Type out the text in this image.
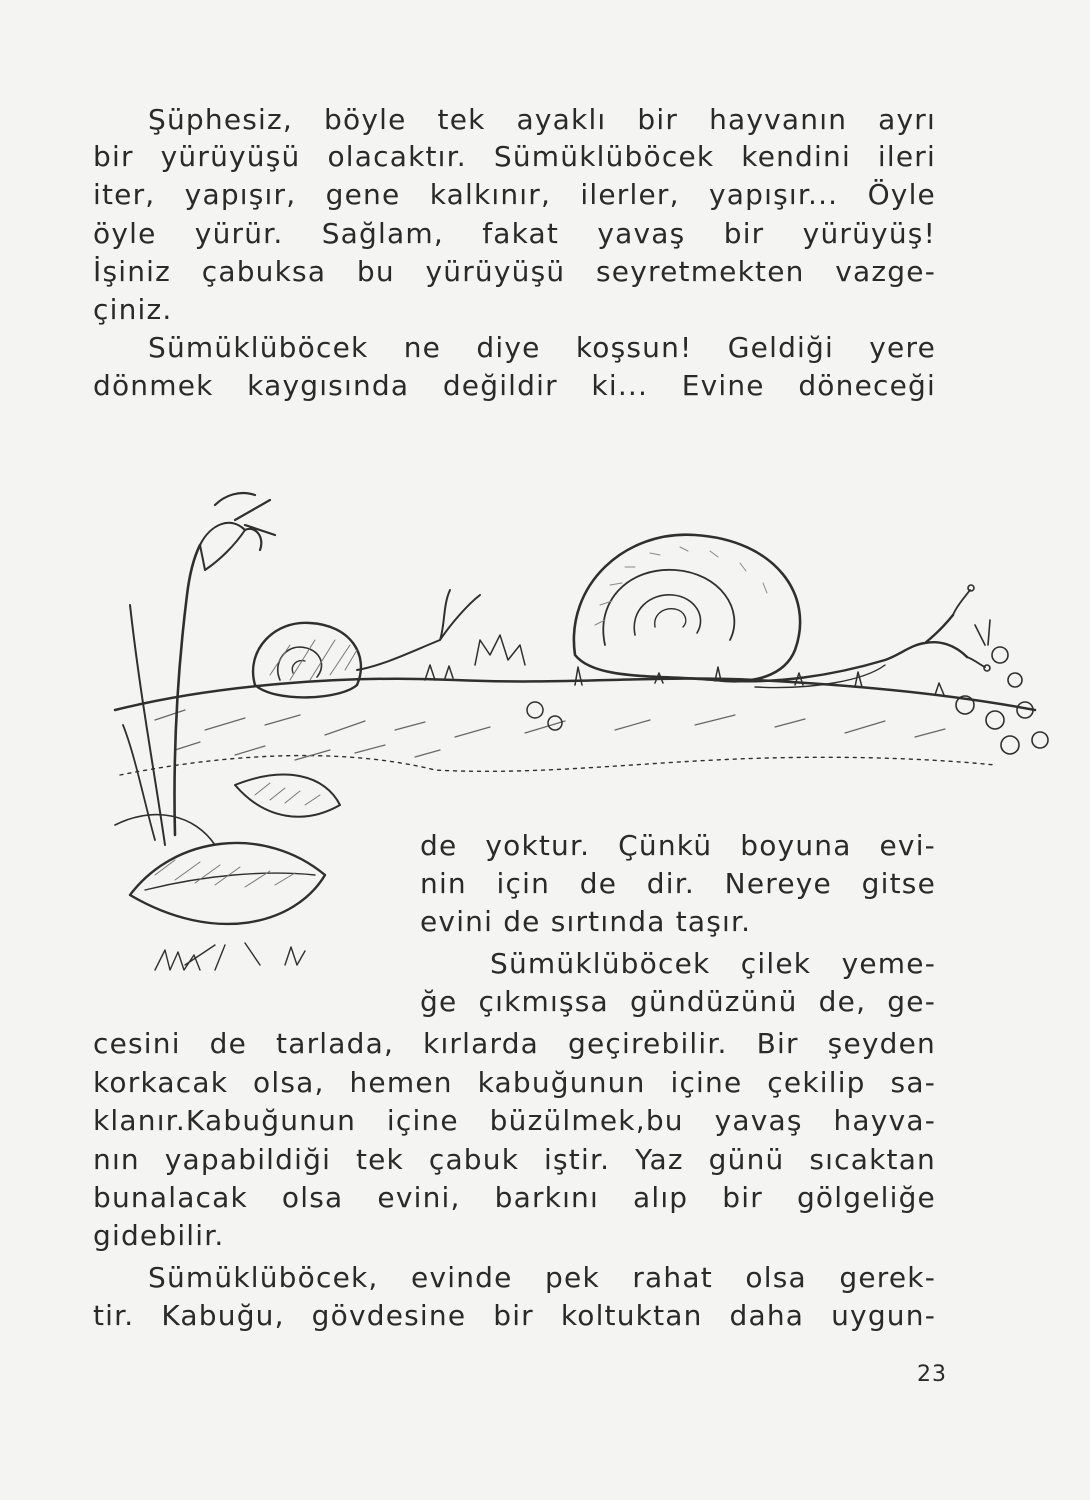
Şüphesiz, böyle tek ayaklı bir hayvanın ayrı
bir yürüyüşü olacaktır. Sümüklüböcek kendini ileri
iter, yapışır, gene kalkınır, ilerler, yapışır... Öyle
öyle yürür. Sağlam, fakat yavaş bir yürüyüş!
İşiniz çabuksa bu yürüyüşü seyretmekten vazge-
çiniz.
Sümüklüböcek ne diye koşsun! Geldiği yere
dönmek kaygısında değildir ki... Evine döneceği
de yoktur. Çünkü boyuna evi-
nin için de dir. Nereye gitse
evini de sırtında taşır.
Sümüklüböcek çilek yeme-
ğe çıkmışsa gündüzünü de, ge-
cesini de tarlada, kırlarda geçirebilir. Bir şeyden
korkacak olsa, hemen kabuğunun içine çekilip sa-
klanır.Kabuğunun içine büzülmek,bu yavaş hayva-
nın yapabildiği tek çabuk iştir. Yaz günü sıcaktan
bunalacak olsa evini, barkını alıp bir gölgeliğe
gidebilir.
Sümüklüböcek, evinde pek rahat olsa gerek-
tir. Kabuğu, gövdesine bir koltuktan daha uygun-
23
